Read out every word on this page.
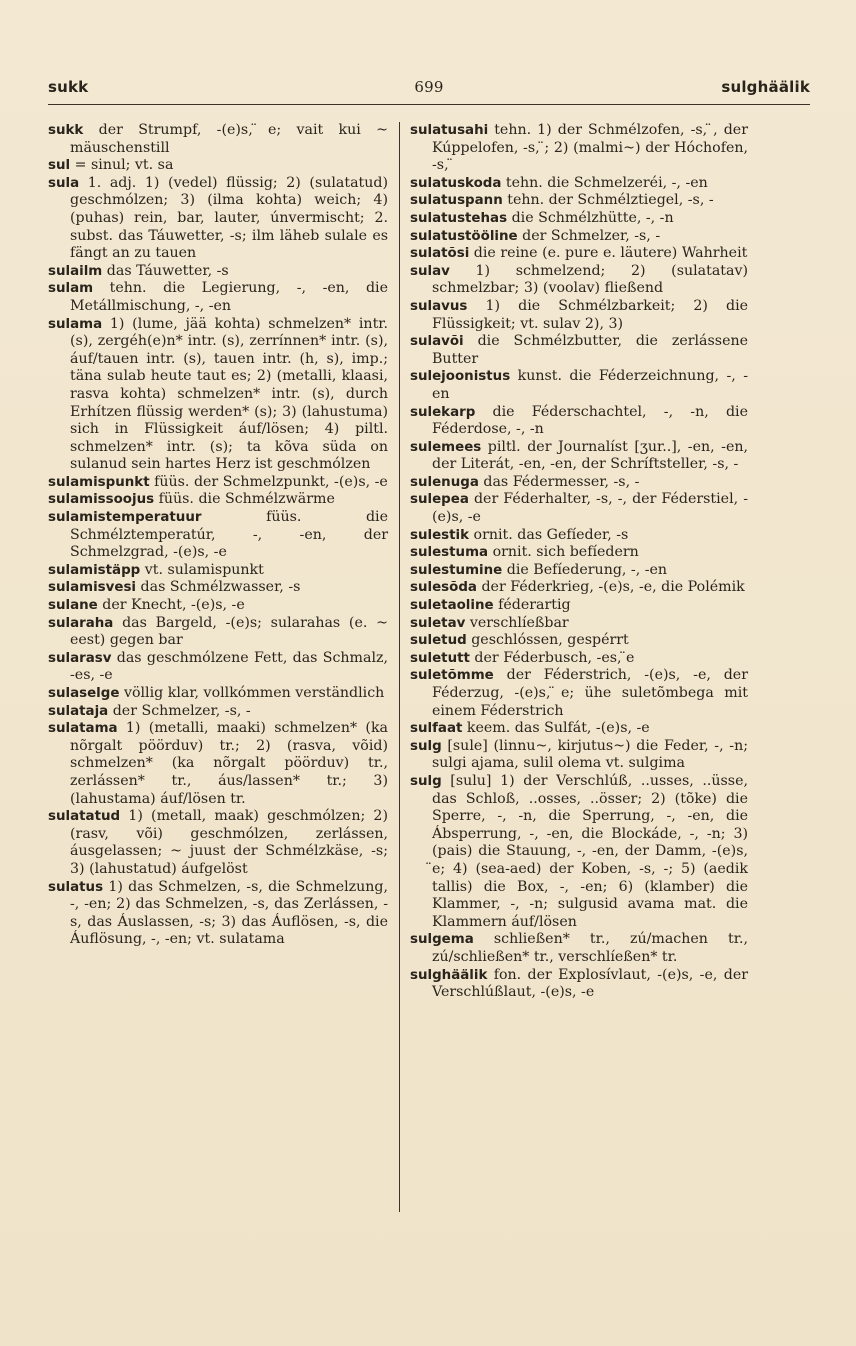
sukk	699	sulghäälik
sukk der Strumpf, -(e)s, ̈e; vait kui ~ mäuschenstill
sul = sinul; vt. sa
sula 1. adj. 1) (vedel) flüssig; 2) (sulatatud) geschmólzen; 3) (ilma kohta) weich; 4) (puhas) rein, bar, lauter, únvermischt; 2. subst. das Táuwetter, -s; ilm läheb sulale es fängt an zu tauen
sulailm das Táuwetter, -s
sulam tehn. die Legierung, -, -en, die Metállmischung, -, -en
sulama 1) (lume, jää kohta) schmelzen* intr. (s), zergéh(e)n* intr. (s), zerrínnen* intr. (s), áuf/tauen intr. (s), tauen intr. (h, s), imp.; täna sulab heute taut es; 2) (metalli, klaasi, rasva kohta) schmelzen* intr. (s), durch Erhítzen flüssig werden* (s); 3) (lahustuma) sich in Flüssigkeit áuf/lösen; 4) piltl. schmelzen* intr. (s); ta kõva süda on sulanud sein hartes Herz ist geschmólzen
sulamispunkt füüs. der Schmelzpunkt, -(e)s, -e
sulamissoojus füüs. die Schmélzwärme
sulamistemperatuur füüs. die Schmélztemperatúr, -, -en, der Schmelzgrad, -(e)s, -e
sulamistäpp vt. sulamispunkt
sulamisvesi das Schmélzwasser, -s
sulane der Knecht, -(e)s, -e
sularaha das Bargeld, -(e)s; sularahas (e. ~ eest) gegen bar
sularasv das geschmólzene Fett, das Schmalz, -es, -e
sulaselge völlig klar, vollkómmen verständlich
sulataja der Schmelzer, -s, -
sulatama 1) (metalli, maaki) schmelzen* (ka nõrgalt pöörduv) tr.; 2) (rasva, võid) schmelzen* (ka nõrgalt pöörduv) tr., zerlássen* tr., áus/lassen* tr.; 3) (lahustama) áuf/lösen tr.
sulatatud 1) (metall, maak) geschmólzen; 2) (rasv, või) geschmólzen, zerlássen, áusgelassen; ~ juust der Schmélzkäse, -s; 3) (lahustatud) áufgelöst
sulatus 1) das Schmelzen, -s, die Schmelzung, -, -en; 2) das Schmelzen, -s, das Zerlássen, -s, das Áuslassen, -s; 3) das Áuflösen, -s, die Áuflösung, -, -en; vt. sulatama
sulatusahi tehn. 1) der Schmélzofen, -s, ̈, der Kúppelofen, -s, ̈; 2) (malmi~) der Hóchofen, -s, ̈
sulatuskoda tehn. die Schmelzeréi, -, -en
sulatuspann tehn. der Schmélztiegel, -s, -
sulatustehas die Schmélzhütte, -, -n
sulatustööline der Schmelzer, -s, -
sulatõsi die reine (e. pure e. läutere) Wahrheit
sulav 1) schmelzend; 2) (sulatatav) schmelzbar; 3) (voolav) fließend
sulavus 1) die Schmélzbarkeit; 2) die Flüssigkeit; vt. sulav 2), 3)
sulavõi die Schmélzbutter, die zerlássene Butter
sulejoonistus kunst. die Féderzeichnung, -, -en
sulekarp die Féderschachtel, -, -n, die Féderdose, -, -n
sulemees piltl. der Journalíst [ʒur..], -en, -en, der Literát, -en, -en, der Schríftsteller, -s, -
sulenuga das Fédermesser, -s, -
sulepea der Féderhalter, -s, -, der Féderstiel, -(e)s, -e
sulestik ornit. das Gefíeder, -s
sulestuma ornit. sich befíedern
sulestumine die Befíederung, -, -en
sulesõda der Féderkrieg, -(e)s, -e, die Polémik
suletaoline féderartig
suletav verschlíeßbar
suletud geschlóssen, gespérrt
suletutt der Féderbusch, -es, ̈e
suletõmme der Féderstrich, -(e)s, -e, der Féderzug, -(e)s, ̈e; ühe suletõmbega mit einem Féderstrich
sulfaat keem. das Sulfát, -(e)s, -e
sulg [sule] (linnu~, kirjutus~) die Feder, -, -n; sulgi ajama, sulil olema vt. sulgima
sulg [sulu] 1) der Verschlúß, ..usses, ..üsse, das Schloß, ..osses, ..össer; 2) (tõke) die Sperre, -, -n, die Sperrung, -, -en, die Ábsperrung, -, -en, die Blockáde, -, -n; 3) (pais) die Stauung, -, -en, der Damm, -(e)s, ̈e; 4) (sea-aed) der Koben, -s, -; 5) (aedik tallis) die Box, -, -en; 6) (klamber) die Klammer, -, -n; sulgusid avama mat. die Klammern áuf/lösen
sulgema schließen* tr., zú/machen tr., zú/schließen* tr., verschlíeßen* tr.
sulghäälik fon. der Explosívlaut, -(e)s, -e, der Verschlúßlaut, -(e)s, -e
